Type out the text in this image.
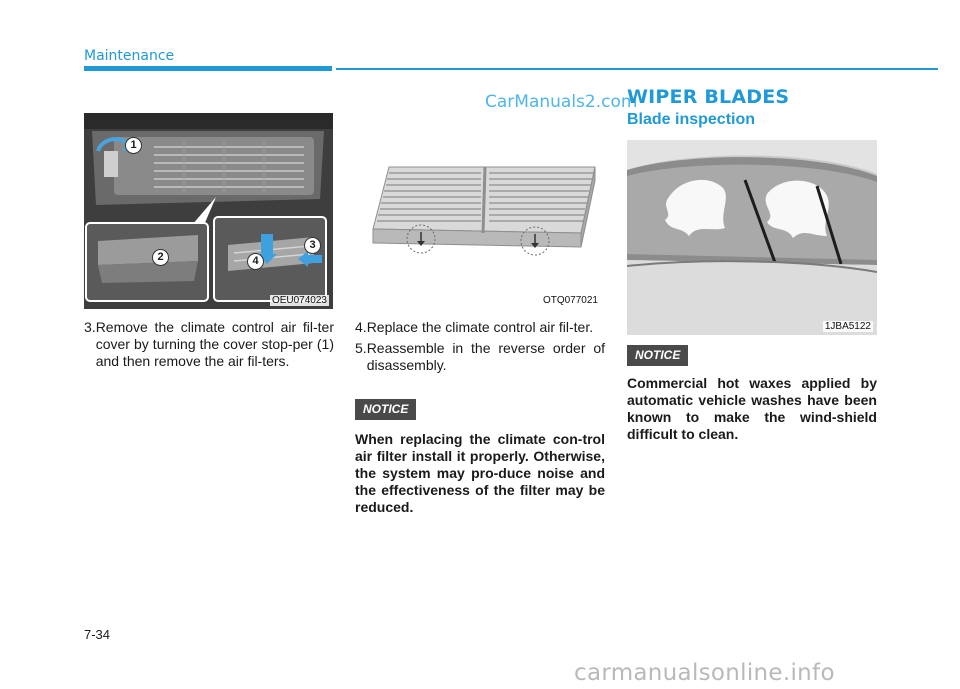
Maintenance
CarManuals2.com
1
2
3
4
OEU074023	OTQ077021
1JBA5122
3. Remove the climate control air fil-ter cover by turning the cover stop-per (1) and then remove the air fil-ters.
4. Replace the climate control air fil-ter.
5. Reassemble in the reverse order of disassembly.
NOTICE
When replacing the climate con-trol air filter install it properly. Otherwise, the system may pro-duce noise and the effectiveness of the filter may be reduced.
WIPER BLADES
Blade inspection
NOTICE
Commercial hot waxes applied by automatic vehicle washes have been known to make the wind-shield difficult to clean.
7-34
carmanualsonline.info
